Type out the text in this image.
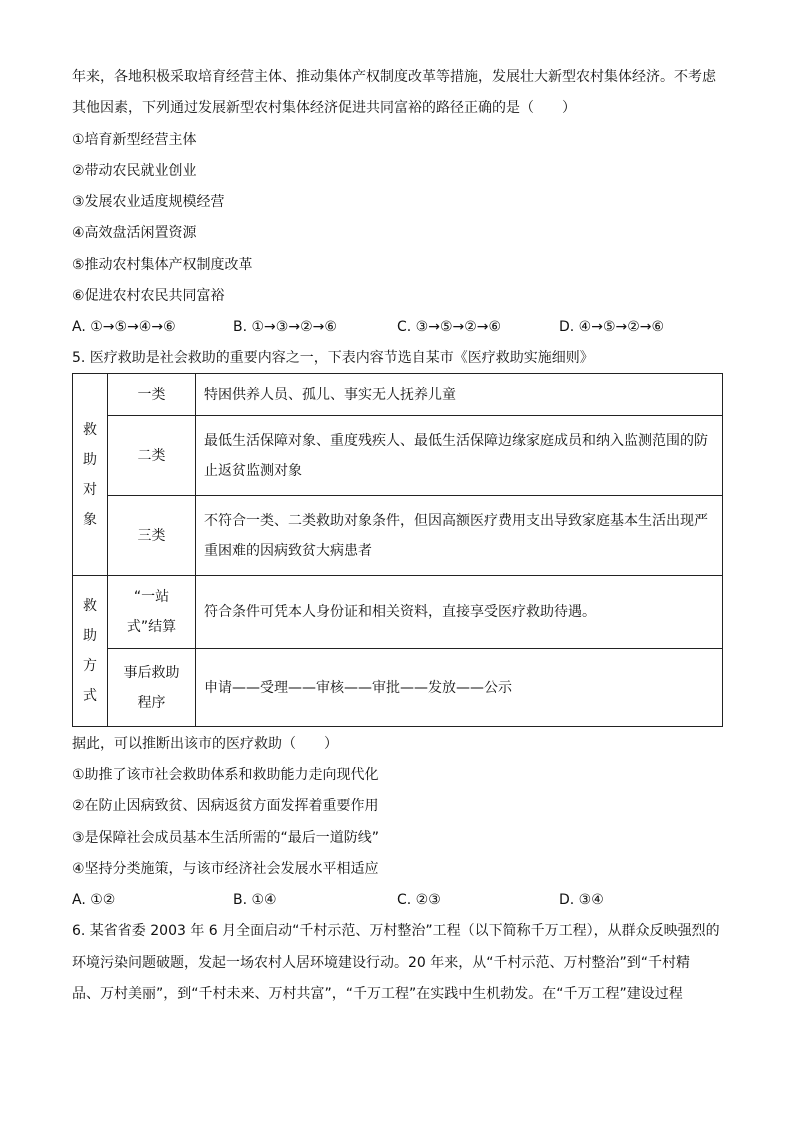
年来，各地积极采取培育经营主体、推动集体产权制度改革等措施，发展壮大新型农村集体经济。不考虑
其他因素，下列通过发展新型农村集体经济促进共同富裕的路径正确的是（　　）
①培育新型经营主体
②带动农民就业创业
③发展农业适度规模经营
④高效盘活闲置资源
⑤推动农村集体产权制度改革
⑥促进农村农民共同富裕
A. ①→⑤→④→⑥	B. ①→③→②→⑥	C. ③→⑤→②→⑥	D. ④→⑤→②→⑥
5. 医疗救助是社会救助的重要内容之一，下表内容节选自某市《医疗救助实施细则》
救
助
对
象	一类	特困供养人员、孤儿、事实无人抚养儿童
	二类	最低生活保障对象、重度残疾人、最低生活保障边缘家庭成员和纳入监测范围的防止返贫监测对象
	三类	不符合一类、二类救助对象条件，但因高额医疗费用支出导致家庭基本生活出现严重困难的因病致贫大病患者

救
助
方
式	“一站式”结算	符合条件可凭本人身份证和相关资料，直接享受医疗救助待遇。
	事后救助程序	申请——受理——审核——审批——发放——公示
据此，可以推断出该市的医疗救助（　　）
①助推了该市社会救助体系和救助能力走向现代化
②在防止因病致贫、因病返贫方面发挥着重要作用
③是保障社会成员基本生活所需的“最后一道防线”
④坚持分类施策，与该市经济社会发展水平相适应
A. ①②	B. ①④	C. ②③	D. ③④
6. 某省省委 2003 年 6 月全面启动“千村示范、万村整治”工程（以下简称千万工程），从群众反映强烈的
环境污染问题破题，发起一场农村人居环境建设行动。20 年来，从“千村示范、万村整治”到“千村精
品、万村美丽”，到“千村未来、万村共富”，“千万工程”在实践中生机勃发。在“千万工程”建设过程
